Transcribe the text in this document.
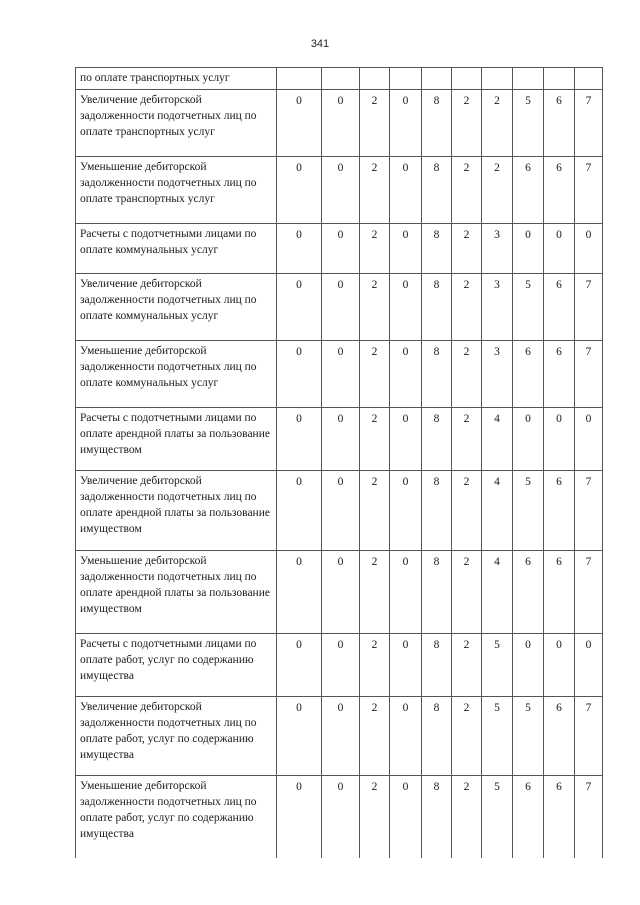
341
по оплате транспортных услуг										
Увеличение дебиторской задолженности подотчетных лиц по оплате транспортных услуг	0	0	2	0	8	2	2	5	6	7
Уменьшение дебиторской задолженности подотчетных лиц по оплате транспортных услуг	0	0	2	0	8	2	2	6	6	7
Расчеты с подотчетными лицами по оплате коммунальных услуг	0	0	2	0	8	2	3	0	0	0
Увеличение дебиторской задолженности подотчетных лиц по оплате коммунальных услуг	0	0	2	0	8	2	3	5	6	7
Уменьшение дебиторской задолженности подотчетных лиц по оплате коммунальных услуг	0	0	2	0	8	2	3	6	6	7
Расчеты с подотчетными лицами по оплате арендной платы за пользование имуществом	0	0	2	0	8	2	4	0	0	0
Увеличение дебиторской задолженности подотчетных лиц по оплате арендной платы за пользование имуществом	0	0	2	0	8	2	4	5	6	7
Уменьшение дебиторской задолженности подотчетных лиц по оплате арендной платы за пользование имуществом	0	0	2	0	8	2	4	6	6	7
Расчеты с подотчетными лицами по оплате работ, услуг по содержанию имущества	0	0	2	0	8	2	5	0	0	0
Увеличение дебиторской задолженности подотчетных лиц по оплате работ, услуг по содержанию имущества	0	0	2	0	8	2	5	5	6	7
Уменьшение дебиторской задолженности подотчетных лиц по оплате работ, услуг по содержанию имущества	0	0	2	0	8	2	5	6	6	7
